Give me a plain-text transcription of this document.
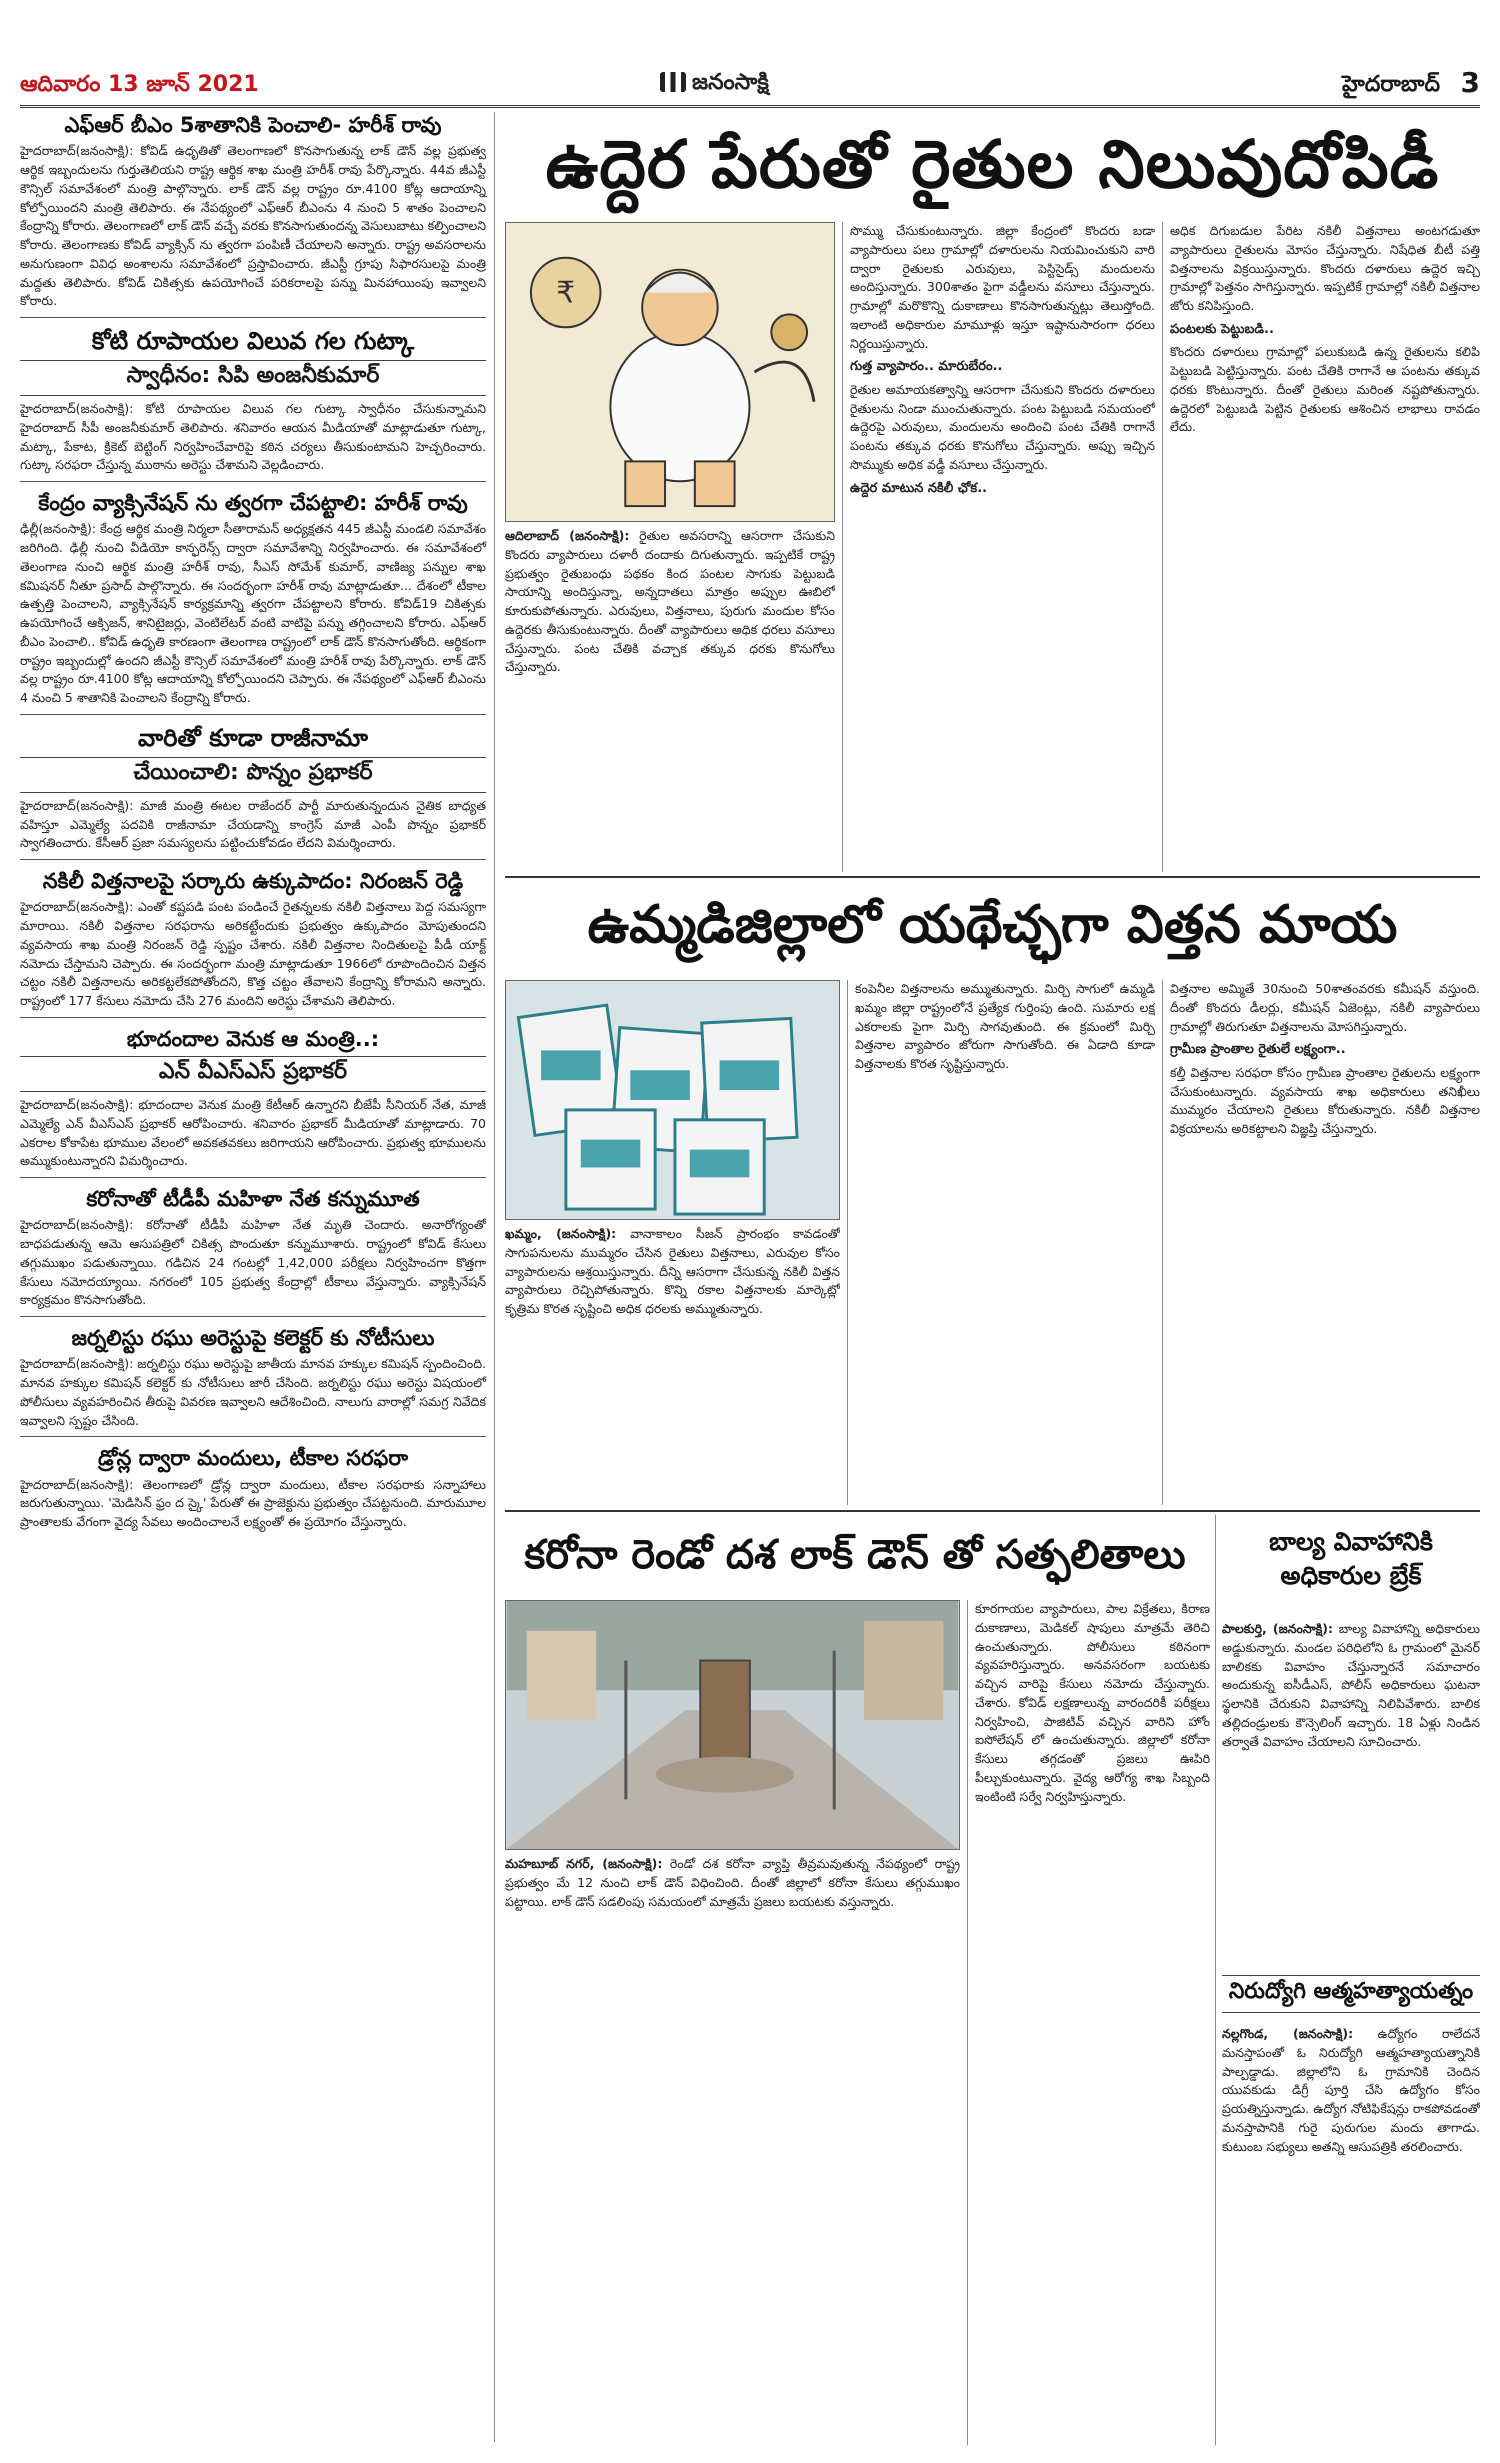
ఆదివారం 13 జూన్ 2021	జనంసాక్షి	హైదరాబాద్ 3
ఎఫ్ఆర్ బీఎం 5శాతానికి పెంచాలి- హరీశ్ రావు

హైదరాబాద్(జనంసాక్షి): కోవిడ్ ఉధృతితో తెలంగాణలో కొనసాగుతున్న లాక్ డౌన్ వల్ల ప్రభుత్వ ఆర్థిక ఇబ్బందులను గుర్తుతెలియని రాష్ట్ర ఆర్థిక శాఖ మంత్రి హరీశ్ రావు పేర్కొన్నారు. 44వ జీఎస్టీ కౌన్సిల్ సమావేశంలో మంత్రి పాల్గొన్నారు. లాక్ డౌన్ వల్ల రాష్ట్రం రూ.4100 కోట్ల ఆదాయాన్ని కోల్పోయిందని మంత్రి తెలిపారు. ఈ నేపథ్యంలో ఎఫ్ఆర్ బీఎంను 4 నుంచి 5 శాతం పెంచాలని కేంద్రాన్ని కోరారు. తెలంగాణలో లాక్ డౌన్ వచ్చే వరకు కొనసాగుతుందన్న వెసులుబాటు కల్పించాలని కోరారు. తెలంగాణకు కోవిడ్ వ్యాక్సిన్ ను త్వరగా పంపిణీ చేయాలని అన్నారు. రాష్ట్ర అవసరాలను అనుగుణంగా వివిధ అంశాలను సమావేశంలో ప్రస్తావించారు. జీఎస్టీ గ్రూపు సిఫారసులపై మంత్రి మద్దతు తెలిపారు. కోవిడ్ చికిత్సకు ఉపయోగించే పరికరాలపై పన్ను మినహాయింపు ఇవ్వాలని కోరారు.

కోటి రూపాయల విలువ గల గుట్కా
స్వాధీనం: సిపి అంజనీకుమార్

హైదరాబాద్(జనంసాక్షి): కోటి రూపాయల విలువ గల గుట్కా స్వాధీనం చేసుకున్నామని హైదరాబాద్ సీపీ అంజనీకుమార్ తెలిపారు. శనివారం ఆయన మీడియాతో మాట్లాడుతూ గుట్కా, మట్కా, పేకాట, క్రికెట్ బెట్టింగ్ నిర్వహించేవారిపై కఠిన చర్యలు తీసుకుంటామని హెచ్చరించారు. గుట్కా సరఫరా చేస్తున్న ముఠాను అరెస్టు చేశామని వెల్లడించారు.

కేంద్రం వ్యాక్సినేషన్ ను త్వరగా చేపట్టాలి: హరీశ్ రావు

ఢిల్లీ(జనంసాక్షి): కేంద్ర ఆర్థిక మంత్రి నిర్మలా సీతారామన్ అధ్యక్షతన 445 జీఎస్టీ మండలి సమావేశం జరిగింది. ఢిల్లీ నుంచి వీడియో కాన్ఫరెన్స్ ద్వారా సమావేశాన్ని నిర్వహించారు. ఈ సమావేశంలో తెలంగాణ నుంచి ఆర్థిక మంత్రి హరీశ్ రావు, సీఎస్ సోమేశ్ కుమార్, వాణిజ్య పన్నుల శాఖ కమిషనర్ నీతూ ప్రసాద్ పాల్గొన్నారు. ఈ సందర్భంగా హరీశ్ రావు మాట్లాడుతూ... దేశంలో టీకాల ఉత్పత్తి పెంచాలని, వ్యాక్సినేషన్ కార్యక్రమాన్ని త్వరగా చేపట్టాలని కోరారు. కోవిడ్19 చికిత్సకు ఉపయోగించే ఆక్సిజన్, శానిటైజర్లు, వెంటిలేటర్ వంటి వాటిపై పన్ను తగ్గించాలని కోరారు. ఎఫ్ఆర్ బీఎం పెంచాలి.. కోవిడ్ ఉధృతి కారణంగా తెలంగాణ రాష్ట్రంలో లాక్ డౌన్ కొనసాగుతోంది. ఆర్థికంగా రాష్ట్రం ఇబ్బందుల్లో ఉందని జీఎస్టీ కౌన్సిల్ సమావేశంలో మంత్రి హరీశ్ రావు పేర్కొన్నారు. లాక్ డౌన్ వల్ల రాష్ట్రం రూ.4100 కోట్ల ఆదాయాన్ని కోల్పోయిందని చెప్పారు. ఈ నేపథ్యంలో ఎఫ్ఆర్ బీఎంను 4 నుంచి 5 శాతానికి పెంచాలని కేంద్రాన్ని కోరారు.

వారితో కూడా రాజీనామా
చేయించాలి: పొన్నం ప్రభాకర్

హైదరాబాద్(జనంసాక్షి): మాజీ మంత్రి ఈటల రాజేందర్ పార్టీ మారుతున్నందున నైతిక బాధ్యత వహిస్తూ ఎమ్మెల్యే పదవికి రాజీనామా చేయడాన్ని కాంగ్రెస్ మాజీ ఎంపీ పొన్నం ప్రభాకర్ స్వాగతించారు. కేసీఆర్ ప్రజా సమస్యలను పట్టించుకోవడం లేదని విమర్శించారు.

నకిలీ విత్తనాలపై సర్కారు ఉక్కుపాదం: నిరంజన్ రెడ్డి

హైదరాబాద్(జనంసాక్షి): ఎంతో కష్టపడి పంట పండించే రైతన్నలకు నకిలీ విత్తనాలు పెద్ద సమస్యగా మారాయి. నకిలీ విత్తనాల సరఫరాను అరికట్టేందుకు ప్రభుత్వం ఉక్కుపాదం మోపుతుందని వ్యవసాయ శాఖ మంత్రి నిరంజన్ రెడ్డి స్పష్టం చేశారు. నకిలీ విత్తనాల నిందితులపై పీడీ యాక్ట్ నమోదు చేస్తామని చెప్పారు. ఈ సందర్భంగా మంత్రి మాట్లాడుతూ 1966లో రూపొందించిన విత్తన చట్టం నకిలీ విత్తనాలను అరికట్టలేకపోతోందని, కొత్త చట్టం తేవాలని కేంద్రాన్ని కోరామని అన్నారు. రాష్ట్రంలో 177 కేసులు నమోదు చేసి 276 మందిని అరెస్టు చేశామని తెలిపారు.

భూదందాల వెనుక ఆ మంత్రి..:
ఎన్ వీఎస్ఎస్ ప్రభాకర్

హైదరాబాద్(జనంసాక్షి): భూదందాల వెనుక మంత్రి కేటీఆర్ ఉన్నారని బీజేపీ సీనియర్ నేత, మాజీ ఎమ్మెల్యే ఎన్ వీఎస్ఎస్ ప్రభాకర్ ఆరోపించారు. శనివారం ప్రభాకర్ మీడియాతో మాట్లాడారు. 70 ఎకరాల కోకాపేట భూముల వేలంలో అవకతవకలు జరిగాయని ఆరోపించారు. ప్రభుత్వ భూములను అమ్ముకుంటున్నారని విమర్శించారు.

కరోనాతో టీడీపీ మహిళా నేత కన్నుమూత

హైదరాబాద్(జనంసాక్షి): కరోనాతో టీడీపీ మహిళా నేత మృతి చెందారు. అనారోగ్యంతో బాధపడుతున్న ఆమె ఆసుపత్రిలో చికిత్స పొందుతూ కన్నుమూశారు. రాష్ట్రంలో కోవిడ్ కేసులు తగ్గుముఖం పడుతున్నాయి. గడిచిన 24 గంటల్లో 1,42,000 పరీక్షలు నిర్వహించగా కొత్తగా కేసులు నమోదయ్యాయి. నగరంలో 105 ప్రభుత్వ కేంద్రాల్లో టీకాలు వేస్తున్నారు. వ్యాక్సినేషన్ కార్యక్రమం కొనసాగుతోంది.

జర్నలిస్టు రఘు అరెస్టుపై కలెక్టర్ కు నోటీసులు

హైదరాబాద్(జనంసాక్షి): జర్నలిస్టు రఘు అరెస్టుపై జాతీయ మానవ హక్కుల కమిషన్ స్పందించింది. మానవ హక్కుల కమిషన్ కలెక్టర్ కు నోటీసులు జారీ చేసింది. జర్నలిస్టు రఘు అరెస్టు విషయంలో పోలీసులు వ్యవహరించిన తీరుపై వివరణ ఇవ్వాలని ఆదేశించింది. నాలుగు వారాల్లో సమగ్ర నివేదిక ఇవ్వాలని స్పష్టం చేసింది.

డ్రోన్ల ద్వారా మందులు, టీకాల సరఫరా

హైదరాబాద్(జనంసాక్షి): తెలంగాణలో డ్రోన్ల ద్వారా మందులు, టీకాల సరఫరాకు సన్నాహాలు జరుగుతున్నాయి. 'మెడిసిన్ ఫ్రం ద స్కై' పేరుతో ఈ ప్రాజెక్టును ప్రభుత్వం చేపట్టనుంది. మారుమూల ప్రాంతాలకు వేగంగా వైద్య సేవలు అందించాలనే లక్ష్యంతో ఈ ప్రయోగం చేస్తున్నారు.

ఉద్దెర పేరుతో రైతుల నిలువుదోపిడీ
₹
ఆదిలాబాద్ (జనంసాక్షి): రైతుల అవసరాన్ని ఆసరాగా చేసుకుని కొందరు వ్యాపారులు దళారీ దందాకు దిగుతున్నారు. ఇప్పటికే రాష్ట్ర ప్రభుత్వం రైతుబంధు పథకం కింద పంటల సాగుకు పెట్టుబడి సాయాన్ని అందిస్తున్నా, అన్నదాతలు మాత్రం అప్పుల ఊబిలో కూరుకుపోతున్నారు. ఎరువులు, విత్తనాలు, పురుగు మందుల కోసం ఉద్దెరకు తీసుకుంటున్నారు. దీంతో వ్యాపారులు అధిక ధరలు వసూలు చేస్తున్నారు. పంట చేతికి వచ్చాక తక్కువ ధరకు కొనుగోలు చేస్తున్నారు.
సొమ్ము చేసుకుంటున్నారు. జిల్లా కేంద్రంలో కొందరు బడా వ్యాపారులు పలు గ్రామాల్లో దళారులను నియమించుకుని వారి ద్వారా రైతులకు ఎరువులు, పెస్టిసైడ్స్ మందులను అందిస్తున్నారు. 300శాతం పైగా వడ్డీలను వసూలు చేస్తున్నారు. గ్రామాల్లో మరొకొన్ని దుకాణాలు కొనసాగుతున్నట్లు తెలుస్తోంది. ఇలాంటి అధికారుల మామూళ్లు ఇస్తూ ఇష్టానుసారంగా ధరలు నిర్ణయిస్తున్నారు.
గుత్త వ్యాపారం.. మారుబేరం..
రైతుల అమాయకత్వాన్ని ఆసరాగా చేసుకుని కొందరు దళారులు రైతులను నిండా ముంచుతున్నారు. పంట పెట్టుబడి సమయంలో ఉద్దెరపై ఎరువులు, మందులను అందించి పంట చేతికి రాగానే పంటను తక్కువ ధరకు కొనుగోలు చేస్తున్నారు. అప్పు ఇచ్చిన సొమ్ముకు అధిక వడ్డీ వసూలు చేస్తున్నారు.
ఉద్దెర మాటున నకిలీ ఛోక..
అధిక దిగుబడుల పేరిట నకిలీ విత్తనాలు అంటగడుతూ వ్యాపారులు రైతులను మోసం చేస్తున్నారు. నిషేధిత బీటీ పత్తి విత్తనాలను విక్రయిస్తున్నారు. కొందరు దళారులు ఉద్దెర ఇచ్చి గ్రామాల్లో పెత్తనం సాగిస్తున్నారు. ఇప్పటికే గ్రామాల్లో నకిలీ విత్తనాల జోరు కనిపిస్తుంది.
పంటలకు పెట్టుబడి..
కొందరు దళారులు గ్రామాల్లో పలుకుబడి ఉన్న రైతులను కలిపి పెట్టుబడి పెట్టిస్తున్నారు. పంట చేతికి రాగానే ఆ పంటను తక్కువ ధరకు కొంటున్నారు. దీంతో రైతులు మరింత నష్టపోతున్నారు. ఉద్దెరలో పెట్టుబడి పెట్టిన రైతులకు ఆశించిన లాభాలు రావడం లేదు.
ఉమ్మడిజిల్లాలో యథేచ్ఛగా విత్తన మాయ
ఖమ్మం, (జనంసాక్షి): వానాకాలం సీజన్ ప్రారంభం కావడంతో సాగుపనులను ముమ్మరం చేసిన రైతులు విత్తనాలు, ఎరువుల కోసం వ్యాపారులను ఆశ్రయిస్తున్నారు. దీన్ని ఆసరాగా చేసుకున్న నకిలీ విత్తన వ్యాపారులు రెచ్చిపోతున్నారు. కొన్ని రకాల విత్తనాలకు మార్కెట్లో కృత్రిమ కొరత సృష్టించి అధిక ధరలకు అమ్ముతున్నారు.
కంపెనీల విత్తనాలను అమ్ముతున్నారు. మిర్చి సాగులో ఉమ్మడి ఖమ్మం జిల్లా రాష్ట్రంలోనే ప్రత్యేక గుర్తింపు ఉంది. సుమారు లక్ష ఎకరాలకు పైగా మిర్చి సాగవుతుంది. ఈ క్రమంలో మిర్చి విత్తనాల వ్యాపారం జోరుగా సాగుతోంది. ఈ ఏడాది కూడా విత్తనాలకు కొరత సృష్టిస్తున్నారు.
విత్తనాల అమ్మితే 30నుంచి 50శాతంవరకు కమీషన్ వస్తుంది. దీంతో కొందరు డీలర్లు, కమీషన్ ఏజెంట్లు, నకిలీ వ్యాపారులు గ్రామాల్లో తిరుగుతూ విత్తనాలను మోసగిస్తున్నారు.
గ్రామీణ ప్రాంతాల రైతులే లక్ష్యంగా..
కల్తీ విత్తనాల సరఫరా కోసం గ్రామీణ ప్రాంతాల రైతులను లక్ష్యంగా చేసుకుంటున్నారు. వ్యవసాయ శాఖ అధికారులు తనిఖీలు ముమ్మరం చేయాలని రైతులు కోరుతున్నారు. నకిలీ విత్తనాల విక్రయాలను అరికట్టాలని విజ్ఞప్తి చేస్తున్నారు.
కరోనా రెండో దశ లాక్ డౌన్ తో సత్ఫలితాలు
మహబూబ్ నగర్, (జనంసాక్షి): రెండో దశ కరోనా వ్యాప్తి తీవ్రమవుతున్న నేపథ్యంలో రాష్ట్ర ప్రభుత్వం మే 12 నుంచి లాక్ డౌన్ విధించింది. దీంతో జిల్లాలో కరోనా కేసులు తగ్గుముఖం పట్టాయి. లాక్ డౌన్ సడలింపు సమయంలో మాత్రమే ప్రజలు బయటకు వస్తున్నారు.
కూరగాయల వ్యాపారులు, పాల విక్రేతలు, కిరాణ దుకాణాలు, మెడికల్ షాపులు మాత్రమే తెరిచి ఉంచుతున్నారు. పోలీసులు కఠినంగా వ్యవహరిస్తున్నారు. అనవసరంగా బయటకు వచ్చిన వారిపై కేసులు నమోదు చేస్తున్నారు. చేశారు. కోవిడ్ లక్షణాలున్న వారందరికీ పరీక్షలు నిర్వహించి, పాజిటివ్ వచ్చిన వారిని హోం ఐసోలేషన్ లో ఉంచుతున్నారు. జిల్లాలో కరోనా కేసులు తగ్గడంతో ప్రజలు ఊపిరి పీల్చుకుంటున్నారు. వైద్య ఆరోగ్య శాఖ సిబ్బంది ఇంటింటి సర్వే నిర్వహిస్తున్నారు.
బాల్య వివాహానికి అధికారుల బ్రేక్
పాలకుర్తి, (జనంసాక్షి): బాల్య వివాహాన్ని అధికారులు అడ్డుకున్నారు. మండల పరిధిలోని ఓ గ్రామంలో మైనర్ బాలికకు వివాహం చేస్తున్నారనే సమాచారం అందుకున్న ఐసీడీఎస్, పోలీస్ అధికారులు ఘటనా స్థలానికి చేరుకుని వివాహాన్ని నిలిపివేశారు. బాలిక తల్లిదండ్రులకు కౌన్సెలింగ్ ఇచ్చారు. 18 ఏళ్లు నిండిన తర్వాతే వివాహం చేయాలని సూచించారు.
నిరుద్యోగి ఆత్మహత్యాయత్నం
నల్లగొండ, (జనంసాక్షి): ఉద్యోగం రాలేదనే మనస్తాపంతో ఓ నిరుద్యోగి ఆత్మహత్యాయత్నానికి పాల్పడ్డాడు. జిల్లాలోని ఓ గ్రామానికి చెందిన యువకుడు డిగ్రీ పూర్తి చేసి ఉద్యోగం కోసం ప్రయత్నిస్తున్నాడు. ఉద్యోగ నోటిఫికేషన్లు రాకపోవడంతో మనస్తాపానికి గురై పురుగుల మందు తాగాడు. కుటుంబ సభ్యులు అతన్ని ఆసుపత్రికి తరలించారు.
